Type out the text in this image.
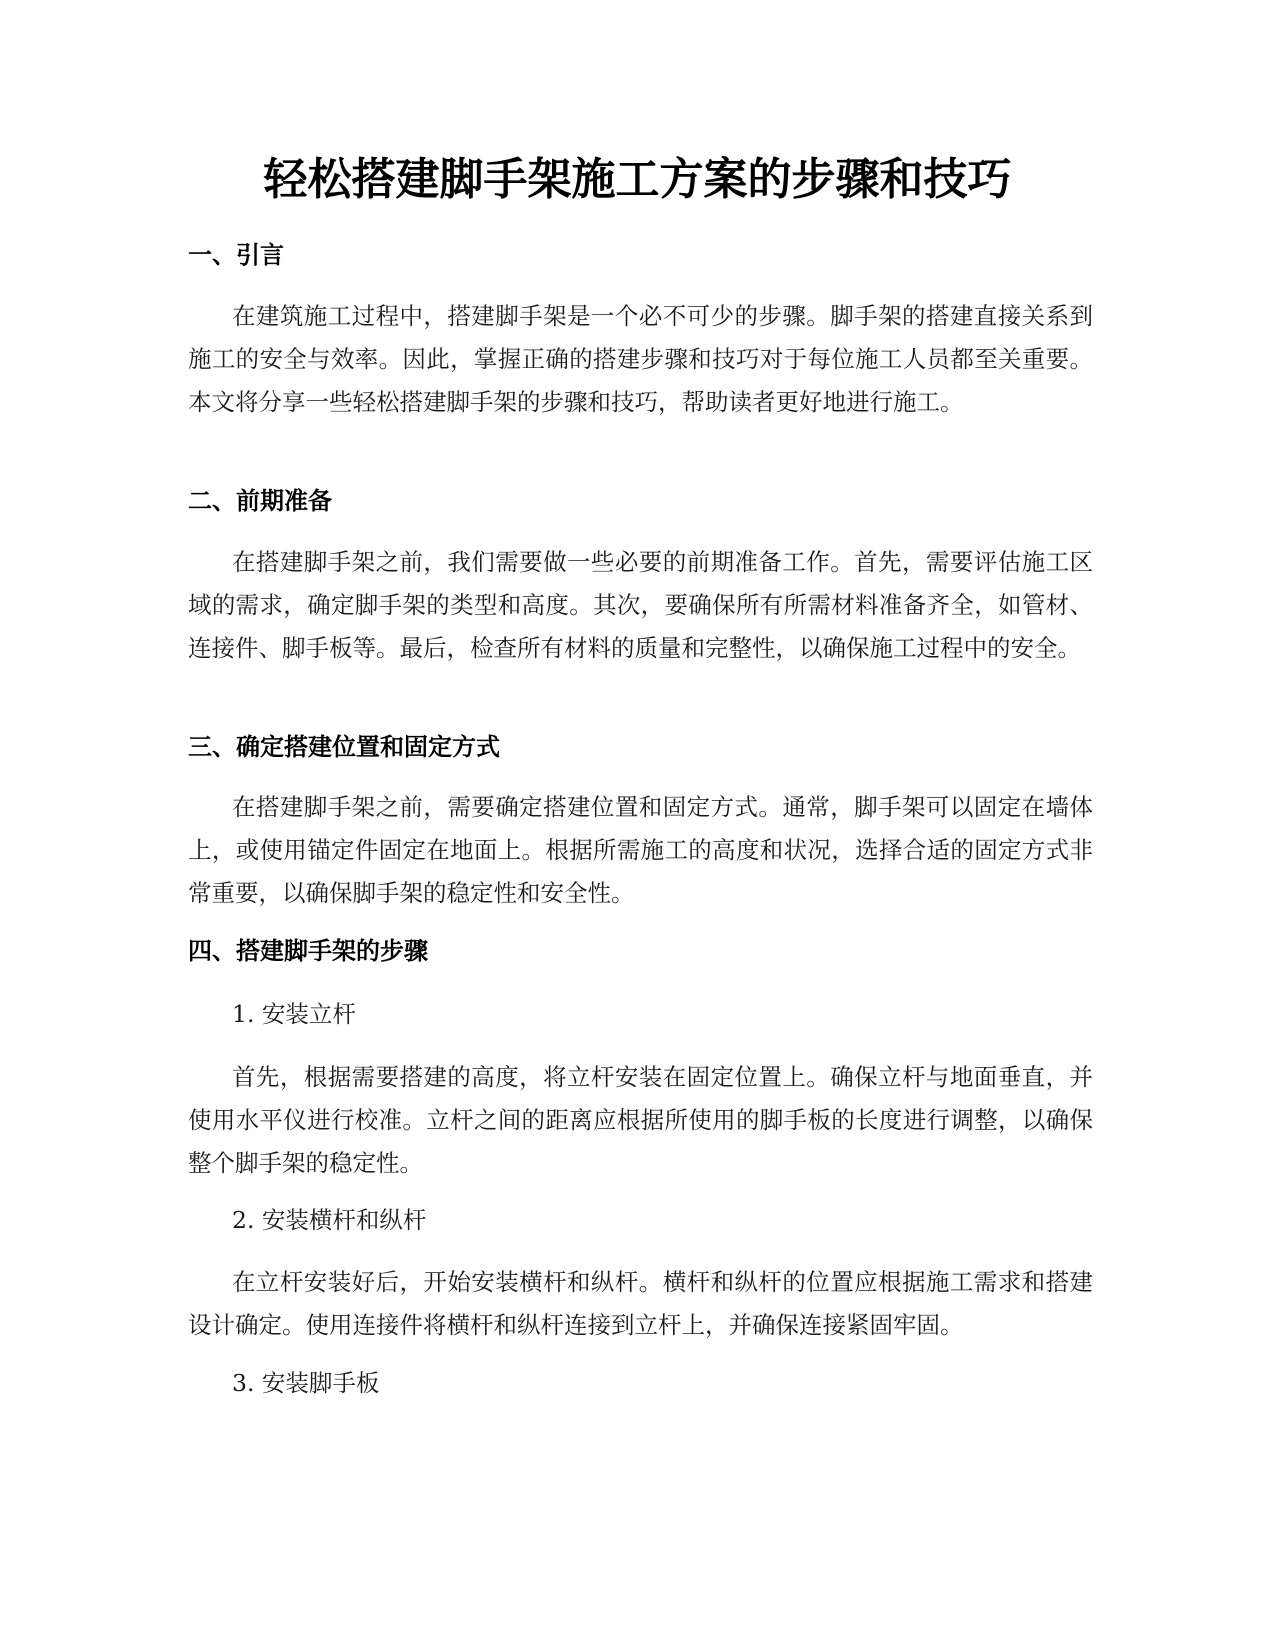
轻松搭建脚手架施工方案的步骤和技巧
一、引言

在建筑施工过程中，搭建脚手架是一个必不可少的步骤。脚手架的搭建直接关系到施工的安全与效率。因此，掌握正确的搭建步骤和技巧对于每位施工人员都至关重要。本文将分享一些轻松搭建脚手架的步骤和技巧，帮助读者更好地进行施工。

二、前期准备

在搭建脚手架之前，我们需要做一些必要的前期准备工作。首先，需要评估施工区域的需求，确定脚手架的类型和高度。其次，要确保所有所需材料准备齐全，如管材、连接件、脚手板等。最后，检查所有材料的质量和完整性，以确保施工过程中的安全。

三、确定搭建位置和固定方式

在搭建脚手架之前，需要确定搭建位置和固定方式。通常，脚手架可以固定在墙体上，或使用锚定件固定在地面上。根据所需施工的高度和状况，选择合适的固定方式非常重要，以确保脚手架的稳定性和安全性。

四、搭建脚手架的步骤

1. 安装立杆

首先，根据需要搭建的高度，将立杆安装在固定位置上。确保立杆与地面垂直，并使用水平仪进行校准。立杆之间的距离应根据所使用的脚手板的长度进行调整，以确保整个脚手架的稳定性。

2. 安装横杆和纵杆

在立杆安装好后，开始安装横杆和纵杆。横杆和纵杆的位置应根据施工需求和搭建设计确定。使用连接件将横杆和纵杆连接到立杆上，并确保连接紧固牢固。

3. 安装脚手板
